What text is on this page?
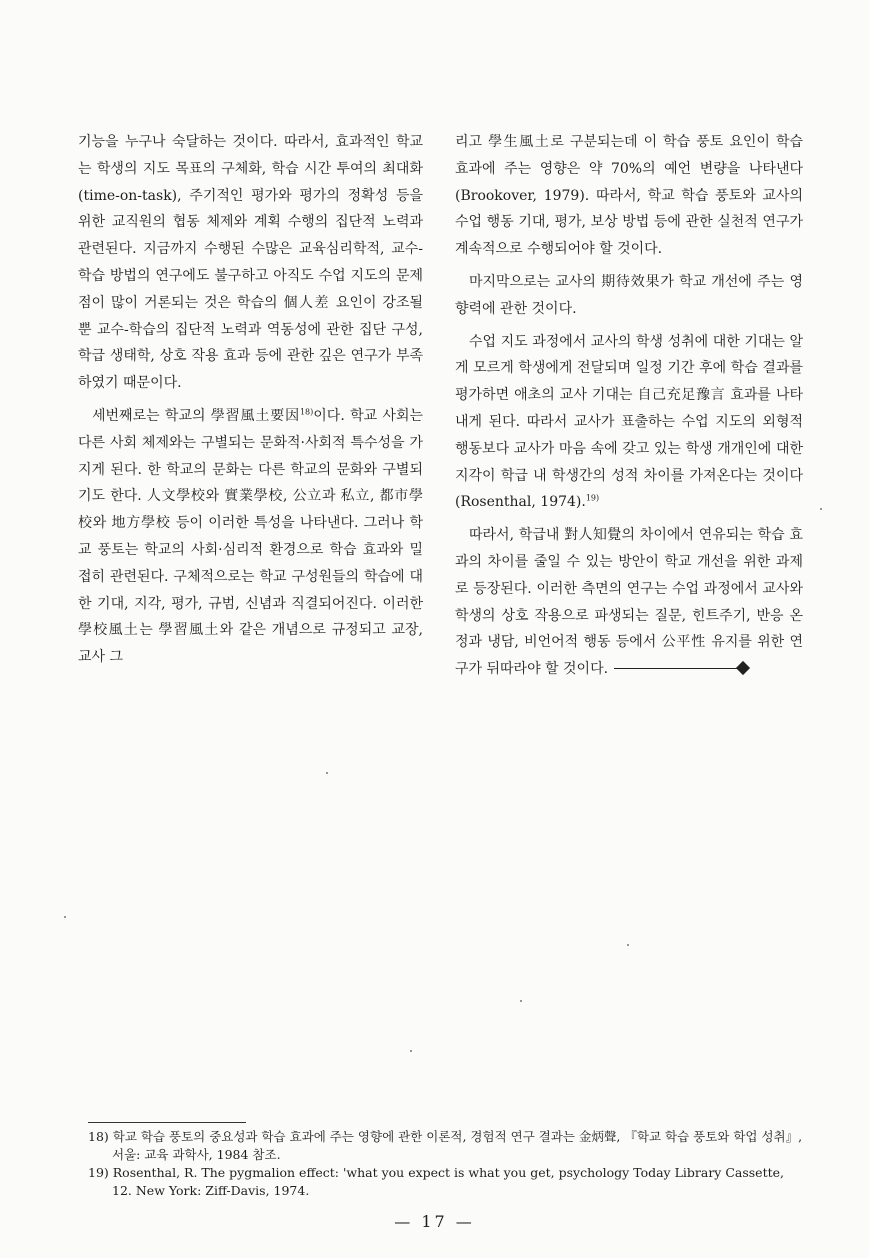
기능을 누구나 숙달하는 것이다. 따라서, 효과적인 학교는 학생의 지도 목표의 구체화, 학습 시간 투여의 최대화(time-on-task), 주기적인 평가와 평가의 정확성 등을 위한 교직원의 협동 체제와 계획 수행의 집단적 노력과 관련된다. 지금까지 수행된 수많은 교육심리학적, 교수-학습 방법의 연구에도 불구하고 아직도 수업 지도의 문제점이 많이 거론되는 것은 학습의 個人差 요인이 강조될 뿐 교수-학습의 집단적 노력과 역동성에 관한 집단 구성, 학급 생태학, 상호 작용 효과 등에 관한 깊은 연구가 부족하였기 때문이다.

세번째로는 학교의 學習風土要因$^{18)}$이다. 학교 사회는 다른 사회 체제와는 구별되는 문화적·사회적 특수성을 가지게 된다. 한 학교의 문화는 다른 학교의 문화와 구별되기도 한다. 人文學校와 實業學校, 公立과 私立, 都市學校와 地方學校 등이 이러한 특성을 나타낸다. 그러나 학교 풍토는 학교의 사회·심리적 환경으로 학습 효과와 밀접히 관련된다. 구체적으로는 학교 구성원들의 학습에 대한 기대, 지각, 평가, 규범, 신념과 직결되어진다. 이러한 學校風土는 學習風土와 같은 개념으로 규정되고 교장, 교사 그

리고 學生風土로 구분되는데 이 학습 풍토 요인이 학습 효과에 주는 영향은 약 70%의 예언 변량을 나타낸다(Brookover, 1979). 따라서, 학교 학습 풍토와 교사의 수업 행동 기대, 평가, 보상 방법 등에 관한 실천적 연구가 계속적으로 수행되어야 할 것이다.

마지막으로는 교사의 期待效果가 학교 개선에 주는 영향력에 관한 것이다.

수업 지도 과정에서 교사의 학생 성취에 대한 기대는 알게 모르게 학생에게 전달되며 일정 기간 후에 학습 결과를 평가하면 애초의 교사 기대는 自己充足豫言 효과를 나타내게 된다. 따라서 교사가 표출하는 수업 지도의 외형적 행동보다 교사가 마음 속에 갖고 있는 학생 개개인에 대한 지각이 학급 내 학생간의 성적 차이를 가져온다는 것이다(Rosenthal, 1974).$^{19)}$

따라서, 학급내 對人知覺의 차이에서 연유되는 학습 효과의 차이를 줄일 수 있는 방안이 학교 개선을 위한 과제로 등장된다. 이러한 측면의 연구는 수업 과정에서 교사와 학생의 상호 작용으로 파생되는 질문, 힌트주기, 반응 온정과 냉담, 비언어적 행동 등에서 公平性 유지를 위한 연구가 뒤따라야 할 것이다.

18) 학교 학습 풍토의 중요성과 학습 효과에 주는 영향에 관한 이론적, 경험적 연구 결과는 金炳聲, 『학교 학습 풍토와 학업 성취』, 서울: 교육 과학사, 1984 참조.

19) Rosenthal, R. The pygmalion effect: 'what you expect is what you get, psychology Today Library Cassette, 12. New York: Ziff-Davis, 1974.

— 17 —
